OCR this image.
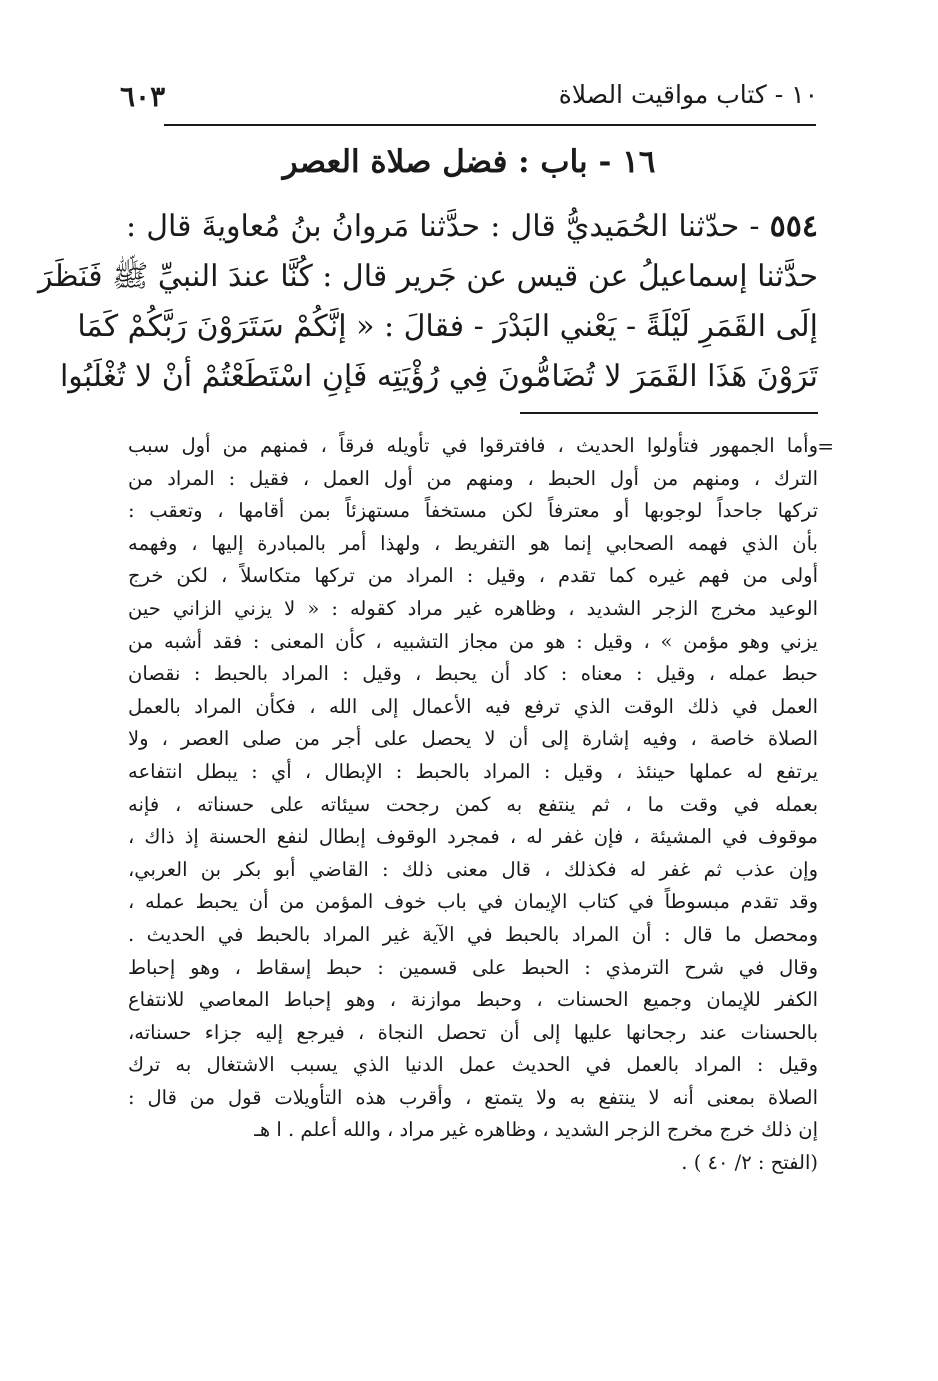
١٠ - كتاب مواقيت الصلاة
٦٠٣
١٦ - باب : فضل صلاة العصر

٥٥٤ - حدّثنا الحُمَيديُّ قال : حدَّثنا مَروانُ بنُ مُعاويةَ قال :

حدَّثنا إسماعيلُ عن قيس عن جَرير قال : كُنَّا عندَ النبيِّ ﷺ فَنَظَرَ

إلَى القَمَرِ لَيْلَةً - يَعْني البَدْرَ - فقالَ : « إنَّكُمْ سَتَرَوْنَ رَبَّكُمْ كَمَا

تَرَوْنَ هَذَا القَمَرَ لا تُضَامُّونَ فِي رُؤْيَتِه فَإنِ اسْتَطَعْتُمْ أنْ لا تُغْلَبُوا

=

وأما الجمهور فتأولوا الحديث ، فافترقوا في تأويله فرقاً ، فمنهم من أول سبب

الترك ، ومنهم من أول الحبط ، ومنهم من أول العمل ، فقيل : المراد من

تركها جاحداً لوجوبها أو معترفاً لكن مستخفاً مستهزئاً بمن أقامها ، وتعقب :

بأن الذي فهمه الصحابي إنما هو التفريط ، ولهذا أمر بالمبادرة إليها ، وفهمه

أولى من فهم غيره كما تقدم ، وقيل : المراد من تركها متكاسلاً ، لكن خرج

الوعيد مخرج الزجر الشديد ، وظاهره غير مراد كقوله : « لا يزني الزاني حين

يزني وهو مؤمن » ، وقيل : هو من مجاز التشبيه ، كأن المعنى : فقد أشبه من

حبط عمله ، وقيل : معناه : كاد أن يحبط ، وقيل : المراد بالحبط : نقصان

العمل في ذلك الوقت الذي ترفع فيه الأعمال إلى الله ، فكأن المراد بالعمل

الصلاة خاصة ، وفيه إشارة إلى أن لا يحصل على أجر من صلى العصر ، ولا

يرتفع له عملها حينئذ ، وقيل : المراد بالحبط : الإبطال ، أي : يبطل انتفاعه

بعمله في وقت ما ، ثم ينتفع به كمن رجحت سيئاته على حسناته ، فإنه

موقوف في المشيئة ، فإن غفر له ، فمجرد الوقوف إبطال لنفع الحسنة إذ ذاك ،

وإن عذب ثم غفر له فكذلك ، قال معنى ذلك : القاضي أبو بكر بن العربي،

وقد تقدم مبسوطاً في كتاب الإيمان في باب خوف المؤمن من أن يحبط عمله ،

ومحصل ما قال : أن المراد بالحبط في الآية غير المراد بالحبط في الحديث .

وقال في شرح الترمذي : الحبط على قسمين : حبط إسقاط ، وهو إحباط

الكفر للإيمان وجميع الحسنات ، وحبط موازنة ، وهو إحباط المعاصي للانتفاع

بالحسنات عند رجحانها عليها إلى أن تحصل النجاة ، فيرجع إليه جزاء حسناته،

وقيل : المراد بالعمل في الحديث عمل الدنيا الذي يسبب الاشتغال به ترك

الصلاة بمعنى أنه لا ينتفع به ولا يتمتع ، وأقرب هذه التأويلات قول من قال :

إن ذلك خرج مخرج الزجر الشديد ، وظاهره غير مراد ، والله أعلم . ا هـ

(الفتح : ٢/ ٤٠ ) .
